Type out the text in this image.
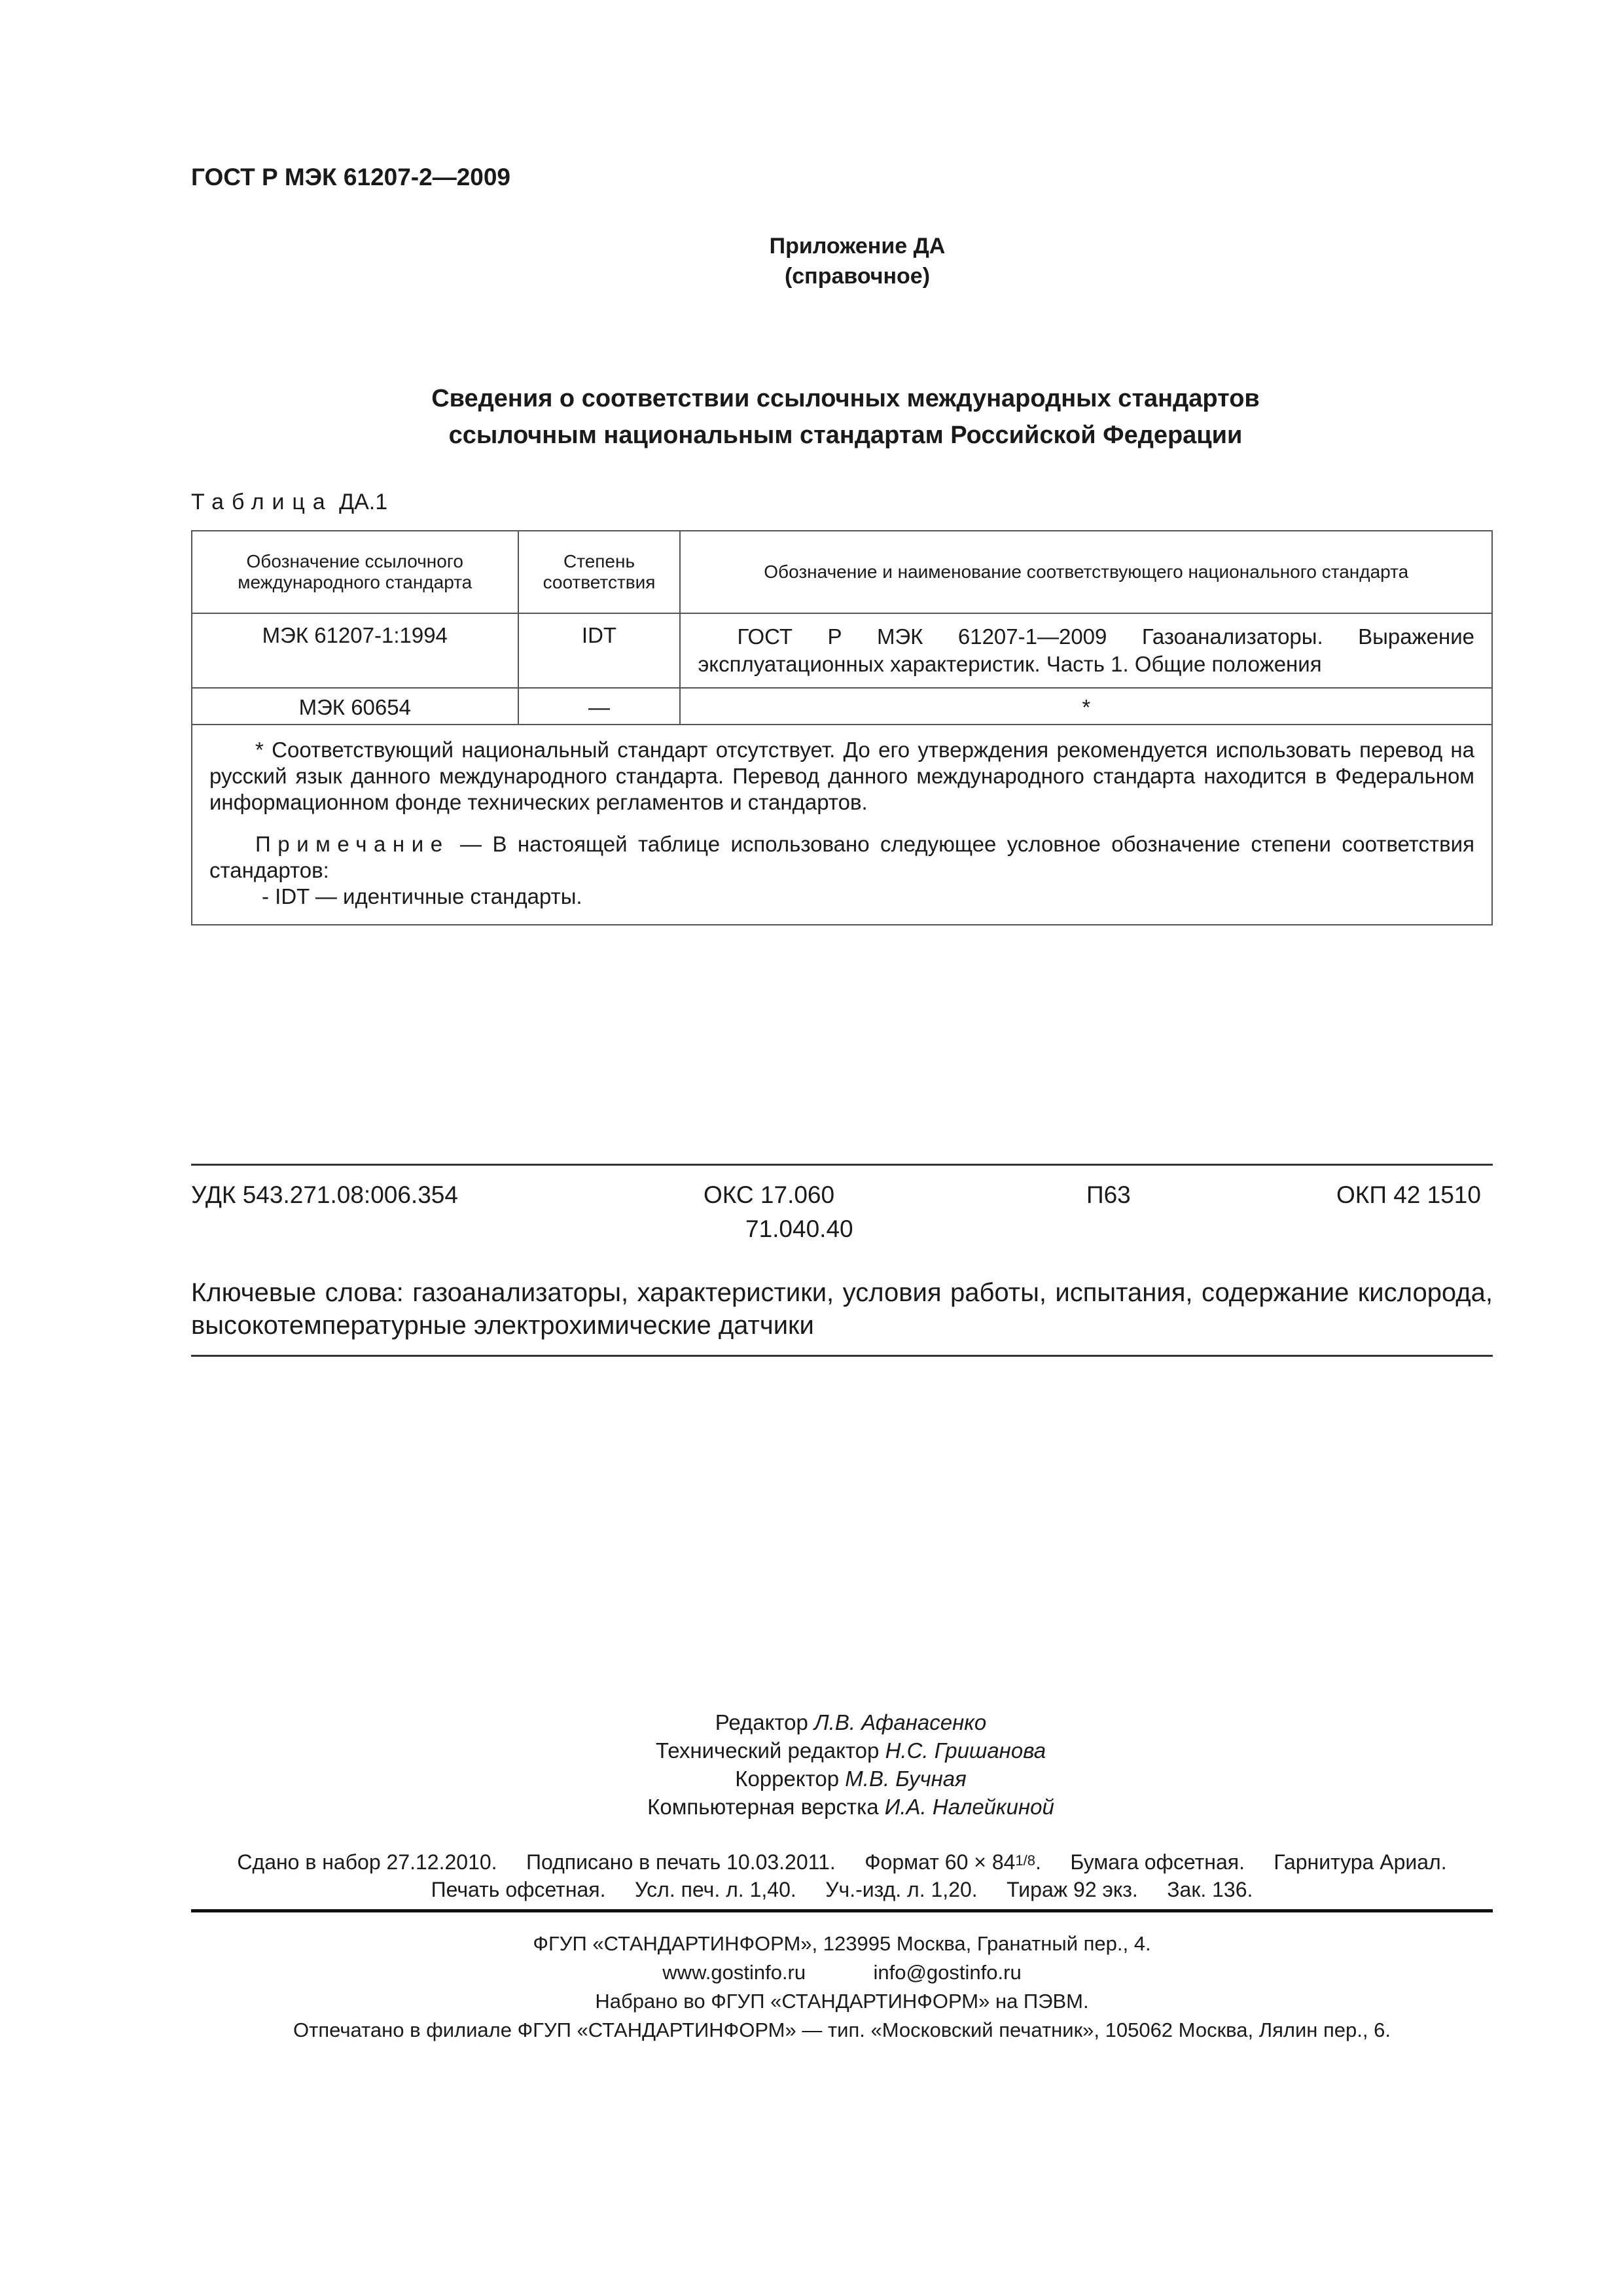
ГОСТ Р МЭК 61207-2—2009
Приложение ДА
(справочное)
Сведения о соответствии ссылочных международных стандартов
ссылочным национальным стандартам Российской Федерации
Таблица ДА.1
Обозначение ссылочного международного стандарта	Степень соответствия	Обозначение и наименование соответствующего национального стандарта
МЭК 61207-1:1994	IDT	ГОСТ Р МЭК 61207-1—2009 Газоанализаторы. Выражение эксплуатационных характеристик. Часть 1. Общие положения
МЭК 60654	—	*

* Соответствующий национальный стандарт отсутствует. До его утверждения рекомендуется использовать перевод на русский язык данного международного стандарта. Перевод данного международного стандарта находится в Федеральном информационном фонде технических регламентов и стандартов.

Примечание — В настоящей таблице использовано следующее условное обозначение степени соответствия стандартов:

- IDT — идентичные стандарты.		

УДК 543.271.08:006.354	ОКС 17.060
71.040.40
П63	ОКП 42 1510
Ключевые слова: газоанализаторы, характеристики, условия работы, испытания, содержание кислорода, высокотемпературные электрохимические датчики
Редактор Л.В. Афанасенко
Технический редактор Н.С. Гришанова
Корректор М.В. Бучная
Компьютерная верстка И.А. Налейкиной
Сдано в набор 27.12.2010. Подписано в печать 10.03.2011. Формат 60 × 841/8.     Бумага офсетная. Гарнитура Ариал.
Печать офсетная. Усл. печ. л. 1,40. Уч.-изд. л. 1,20. Тираж 92 экз. Зак. 136.
ФГУП «СТАНДАРТИНФОРМ», 123995 Москва, Гранатный пер., 4.
www.gostinfo.ru	info@gostinfo.ru
Набрано во ФГУП «СТАНДАРТИНФОРМ» на ПЭВМ.
Отпечатано в филиале ФГУП «СТАНДАРТИНФОРМ» — тип. «Московский печатник», 105062 Москва, Лялин пер., 6.
